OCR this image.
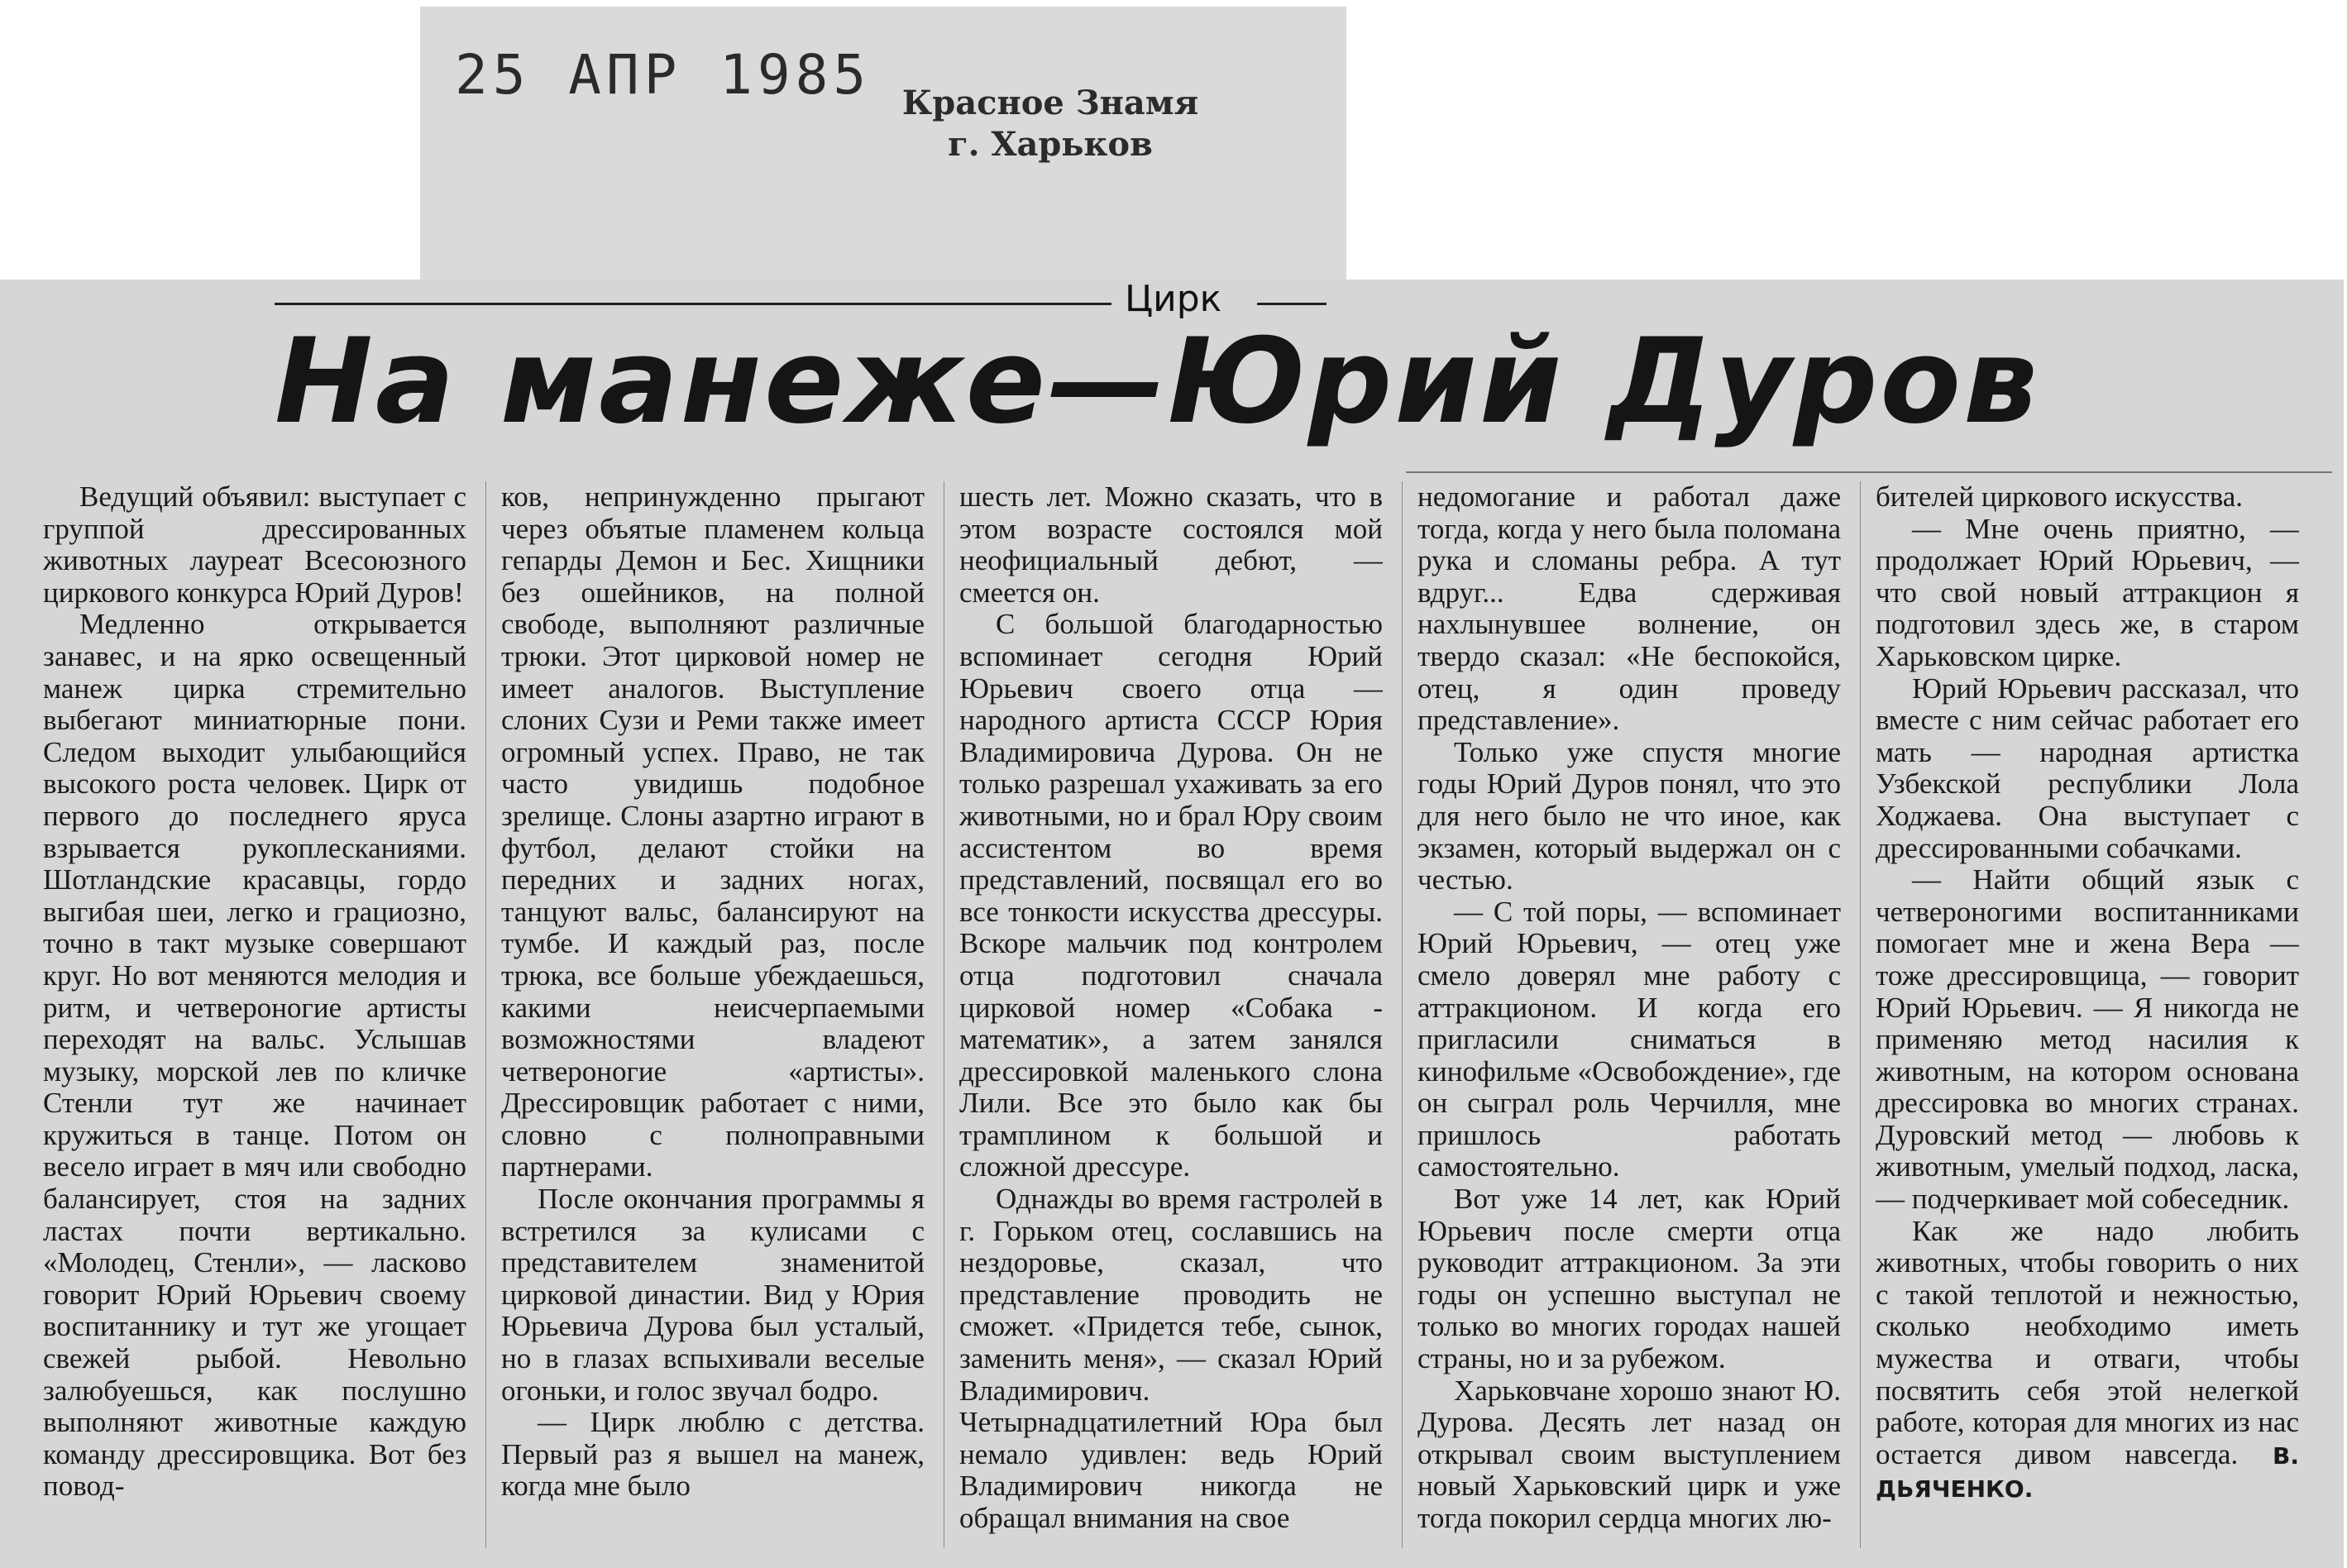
25 АПР 1985 Красное Знамя
г. Харьков
Цирк
На манеже—Юрий Дуров

Ведущий объявил: выступает с группой дрессированных животных лауреат Всесоюзного циркового конкурса Юрий Дуров!

Медленно открывается занавес, и на ярко освещенный манеж цирка стремительно выбегают миниатюрные пони. Следом выходит улыбающийся высокого роста человек. Цирк от первого до последнего яруса взрывается рукоплесканиями. Шотландские красавцы, гордо выгибая шеи, легко и грациозно, точно в такт музыке совершают круг. Но вот меняются мелодия и ритм, и четвероногие артисты переходят на вальс. Услышав музыку, морской лев по кличке Стенли тут же начинает кружиться в танце. Потом он весело играет в мяч или свободно балансирует, стоя на задних ластах почти вертикально. «Молодец, Стенли», — ласково говорит Юрий Юрьевич своему воспитаннику и тут же угощает свежей рыбой. Невольно залюбуешься, как послушно выполняют животные каждую команду дрессировщика. Вот без повод-

ков, непринужденно прыгают через объятые пламенем кольца гепарды Демон и Бес. Хищники без ошейников, на полной свободе, выполняют различные трюки. Этот цирковой номер не имеет аналогов. Выступление слоних Сузи и Реми также имеет огромный успех. Право, не так часто увидишь подобное зрелище. Слоны азартно играют в футбол, делают стойки на передних и задних ногах, танцуют вальс, балансируют на тумбе. И каждый раз, после трюка, все больше убеждаешься, какими неисчерпаемыми возможностями владеют четвероногие «артисты». Дрессировщик работает с ними, словно с полноправными партнерами.

После окончания программы я встретился за кулисами с представителем знаменитой цирковой династии. Вид у Юрия Юрьевича Дурова был усталый, но в глазах вспыхивали веселые огоньки, и голос звучал бодро.

— Цирк люблю с детства. Первый раз я вышел на манеж, когда мне было

шесть лет. Можно сказать, что в этом возрасте состоялся мой неофициальный дебют, — смеется он.

С большой благодарностью вспоминает сегодня Юрий Юрьевич своего отца — народного артиста СССР Юрия Владимировича Дурова. Он не только разрешал ухаживать за его животными, но и брал Юру своим ассистентом во время представлений, посвящал его во все тонкости искусства дрессуры. Вскоре мальчик под контролем отца подготовил сначала цирковой номер «Собака - математик», а затем занялся дрессировкой маленького слона Лили. Все это было как бы трамплином к большой и сложной дрессуре.

Однажды во время гастролей в г. Горьком отец, сославшись на нездоровье, сказал, что представление проводить не сможет. «Придется тебе, сынок, заменить меня», — сказал Юрий Владимирович. Четырнадцатилетний Юра был немало удивлен: ведь Юрий Владимирович никогда не обращал внимания на свое

недомогание и работал даже тогда, когда у него была поломана рука и сломаны ребра. А тут вдруг... Едва сдерживая нахлынувшее волнение, он твердо сказал: «Не беспокойся, отец, я один проведу представление».

Только уже спустя многие годы Юрий Дуров понял, что это для него было не что иное, как экзамен, который выдержал он с честью.

— С той поры, — вспоминает Юрий Юрьевич, — отец уже смело доверял мне работу с аттракционом. И когда его пригласили сниматься в кинофильме «Освобождение», где он сыграл роль Черчилля, мне пришлось работать самостоятельно.

Вот уже 14 лет, как Юрий Юрьевич после смерти отца руководит аттракционом. За эти годы он успешно выступал не только во многих городах нашей страны, но и за рубежом.

Харьковчане хорошо знают Ю. Дурова. Десять лет назад он открывал своим выступлением новый Харьковский цирк и уже тогда покорил сердца многих лю-

бителей циркового искусства.

— Мне очень приятно, — продолжает Юрий Юрьевич, — что свой новый аттракцион я подготовил здесь же, в старом Харьковском цирке.

Юрий Юрьевич рассказал, что вместе с ним сейчас работает его мать — народная артистка Узбекской республики Лола Ходжаева. Она выступает с дрессированными собачками.

— Найти общий язык с четвероногими воспитанниками помогает мне и жена Вера — тоже дрессировщица, — говорит Юрий Юрьевич. — Я никогда не применяю метод насилия к животным, на котором основана дрессировка во многих странах. Дуровский метод — любовь к животным, умелый подход, ласка, — подчеркивает мой собеседник.

Как же надо любить животных, чтобы говорить о них с такой теплотой и нежностью, сколько необходимо иметь мужества и отваги, чтобы посвятить себя этой нелегкой работе, которая для многих из нас остается дивом навсегда. В. ДЬЯЧЕНКО.
